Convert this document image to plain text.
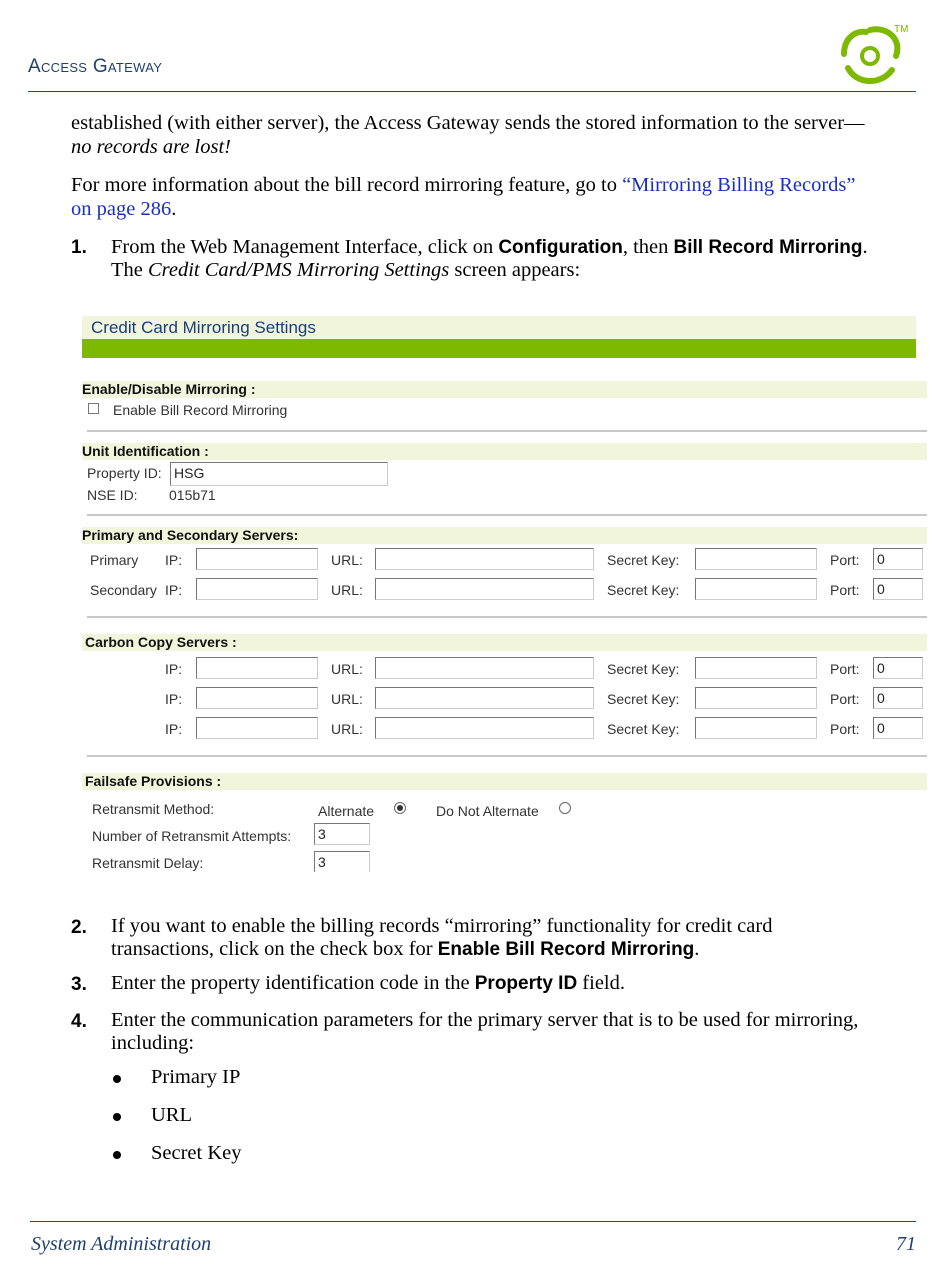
Access Gateway
TM
established (with either server), the Access Gateway sends the stored information to the server—no records are lost!
For more information about the bill record mirroring feature, go to “Mirroring Billing Records” on page 286.
1. From the Web Management Interface, click on Configuration, then Bill Record Mirroring. The Credit Card/PMS Mirroring Settings screen appears:
Credit Card Mirroring Settings
Enable/Disable Mirroring :
Enable Bill Record Mirroring
Unit Identification :
Property ID: HSG
NSE ID: 015b71
Primary and Secondary Servers:
Primary IP:	URL:	Secret Key:	Port: 0
Secondary IP:	URL:	Secret Key:	Port: 0
Carbon Copy Servers :
IP:	URL:	Secret Key:	Port: 0
IP:	URL:	Secret Key:	Port: 0
IP:	URL:	Secret Key:	Port: 0
Failsafe Provisions :
Retransmit Method:	Alternate	Do Not Alternate
Number of Retransmit Attempts: 3
Retransmit Delay:	3
2. If you want to enable the billing records “mirroring” functionality for credit card transactions, click on the check box for Enable Bill Record Mirroring.
3. Enter the property identification code in the Property ID field.
4. Enter the communication parameters for the primary server that is to be used for mirroring, including:
Primary IP
URL
Secret Key
System Administration	71
